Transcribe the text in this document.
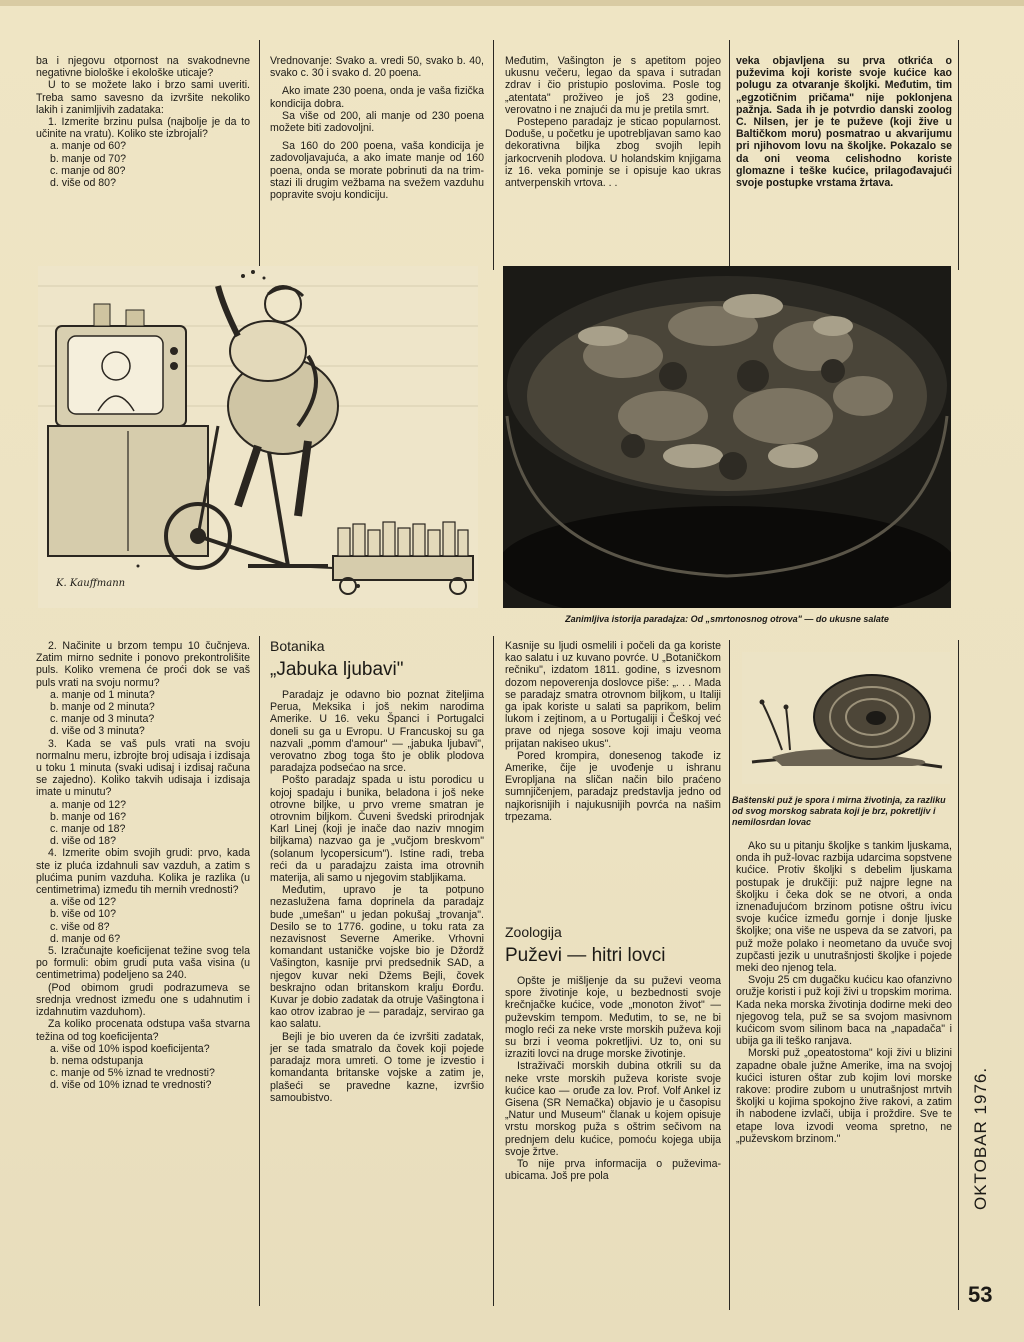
ba i njegovu otpornost na svakodnevne negativne biološke i ekološke uticaje?

U to se možete lako i brzo sami uveriti. Treba samo savesno da izvršite nekoliko lakih i zanimljivih zadataka:

1. Izmerite brzinu pulsa (najbolje je da to učinite na vratu). Koliko ste izbrojali?

a. manje od 60?
b. manje od 70?
c. manje od 80?
d. više od 80?

Vrednovanje: Svako a. vredi 50, svako b. 40, svako c. 30 i svako d. 20 poena.

Ako imate 230 poena, onda je vaša fizička kondicija dobra.

Sa više od 200, ali manje od 230 poena možete biti zadovoljni.

Sa 160 do 200 poena, vaša kondicija je zadovoljavajuća, a ako imate manje od 160 poena, onda se morate pobrinuti da na trim-stazi ili drugim vežbama na svežem vazduhu popravite svoju kondiciju.

Međutim, Vašington je s apetitom pojeo ukusnu večeru, legao da spava i sutradan zdrav i čio pristupio poslovima. Posle tog „atentata" proživeo je još 23 godine, verovatno i ne znajući da mu je pretila smrt.

Postepeno paradajz je sticao popularnost. Doduše, u početku je upotrebljavan samo kao dekorativna biljka zbog svojih lepih jarkocrvenih plodova. U holandskim knjigama iz 16. veka pominje se i opisuje kao ukras antverpenskih vrtova. . .

veka objavljena su prva otkrića o puževima koji koriste svoje kućice kao polugu za otvaranje školjki. Međutim, tim „egzotičnim pričama" nije poklonjena pažnja. Sada ih je potvrdio danski zoolog C. Nilsen, jer je te puževe (koji žive u Baltičkom moru) posmatrao u akvarijumu pri njihovom lovu na školjke. Pokazalo se da oni veoma celishodno koriste glomazne i teške kućice, prilagođavajući svoje postupke vrstama žrtava.

K. Kauffmann
Zanimljiva istorija paradajza: Od „smrtonosnog otrova" — do ukusne salate

2. Načinite u brzom tempu 10 čučnjeva. Zatim mirno sednite i ponovo prekontrolišite puls. Koliko vremena će proći dok se vaš puls vrati na svoju normu?

a. manje od 1 minuta?
b. manje od 2 minuta?
c. manje od 3 minuta?
d. više od 3 minuta?

3. Kada se vaš puls vrati na svoju normalnu meru, izbrojte broj udisaja i izdisaja u toku 1 minuta (svaki udisaj i izdisaj računa se zajedno). Koliko takvih udisaja i izdisaja imate u minutu?

a. manje od 12?
b. manje od 16?
c. manje od 18?
d. više od 18?

4. Izmerite obim svojih grudi: prvo, kada ste iz pluća izdahnuli sav vazduh, a zatim s plućima punim vazduha. Kolika je razlika (u centimetrima) između tih mernih vrednosti?

a. više od 12?
b. više od 10?
c. više od 8?
d. manje od 6?

5. Izračunajte koeficijenat težine svog tela po formuli: obim grudi puta vaša visina (u centimetrima) podeljeno sa 240.

(Pod obimom grudi podrazumeva se srednja vrednost između one s udahnutim i izdahnutim vazduhom).

Za koliko procenata odstupa vaša stvarna težina od tog koeficijenta?

a. više od 10% ispod koeficijenta?
b. nema odstupanja
c. manje od 5% iznad te vrednosti?
d. više od 10% iznad te vrednosti?
Botanika
„Jabuka ljubavi"

Paradajz je odavno bio poznat žiteljima Perua, Meksika i još nekim narodima Amerike. U 16. veku Španci i Portugalci doneli su ga u Evropu. U Francuskoj su ga nazvali „pomm d'amour" — „jabuka ljubavi", verovatno zbog toga što je oblik plodova paradajza podsećao na srce.

Pošto paradajz spada u istu porodicu u kojoj spadaju i bunika, beladona i još neke otrovne biljke, u prvo vreme smatran je otrovnim biljkom. Čuveni švedski prirodnjak Karl Linej (koji je inače dao naziv mnogim biljkama) nazvao ga je „vučjom breskvom" (solanum lycopersicum"). Istine radi, treba reći da u paradajzu zaista ima otrovnih materija, ali samo u njegovim stabljikama.

Međutim, upravo je ta potpuno nezaslužena fama doprinela da paradajz bude „umešan" u jedan pokušaj „trovanja". Desilo se to 1776. godine, u toku rata za nezavisnost Severne Amerike. Vrhovni komandant ustaničke vojske bio je Džordž Vašington, kasnije prvi predsednik SAD, a njegov kuvar neki Džems Bejli, čovek beskrajno odan britanskom kralju Đorđu. Kuvar je dobio zadatak da otruje Vašingtona i kao otrov izabrao je — paradajz, servirao ga kao salatu.

Bejli je bio uveren da će izvršiti zadatak, jer se tada smatralo da čovek koji pojede paradajz mora umreti. O tome je izvestio i komandanta britanske vojske a zatim je, plašeći se pravedne kazne, izvršio samoubistvo.

Kasnije su ljudi osmelili i počeli da ga koriste kao salatu i uz kuvano povrće. U „Botaničkom rečniku", izdatom 1811. godine, s izvesnom dozom nepoverenja doslovce piše: „. . . Mada se paradajz smatra otrovnom biljkom, u Italiji ga ipak koriste u salati sa paprikom, belim lukom i zejtinom, a u Portugaliji i Češkoj već prave od njega sosove koji imaju veoma prijatan nakiseo ukus".

Pored krompira, donesenog takođe iz Amerike, čije je uvođenje u ishranu Evropljana na sličan način bilo praćeno sumnjičenjem, paradajz predstavlja jedno od najkorisnijih i najukusnijih povrća na našim trpezama.

Zoologija
Puževi — hitri lovci

Opšte je mišljenje da su puževi veoma spore životinje koje, u bezbednosti svoje krečnjačke kućice, vode „monoton život" — puževskim tempom. Međutim, to se, ne bi moglo reći za neke vrste morskih puževa koji su brzi i veoma pokretljivi. Uz to, oni su izraziti lovci na druge morske životinje.

Istraživači morskih dubina otkrili su da neke vrste morskih puževa koriste svoje kućice kao — oruđe za lov. Prof. Volf Ankel iz Gisena (SR Nemačka) objavio je u časopisu „Natur und Museum" članak u kojem opisuje vrstu morskog puža s oštrim sečivom na prednjem delu kućice, pomoću kojega ubija svoje žrtve.

To nije prva informacija o puževima-ubicama. Još pre pola

Baštenski puž je spora i mirna životinja, za razliku od svog morskog sabrata koji je brz, pokretljiv i nemilosrdan lovac

Ako su u pitanju školjke s tankim ljuskama, onda ih puž-lovac razbija udarcima sopstvene kućice. Protiv školjki s debelim ljuskama postupak je drukčiji: puž najpre legne na školjku i čeka dok se ne otvori, a onda iznenađujućom brzinom potisne oštru ivicu svoje kućice između gornje i donje ljuske školjke; ona više ne uspeva da se zatvori, pa puž može polako i neometano da uvuče svoj zupčasti jezik u unutrašnjosti školjke i pojede meki deo njenog tela.

Svoju 25 cm dugačku kućicu kao ofanzivno oružje koristi i puž koji živi u tropskim morima. Kada neka morska životinja dodirne meki deo njegovog tela, puž se sa svojom masivnom kućicom svom silinom baca na „napadača" i ubija ga ili teško ranjava.

Morski puž „opeatostoma" koji živi u blizini zapadne obale južne Amerike, ima na svojoj kućici isturen oštar zub kojim lovi morske rakove: prodire zubom u unutrašnjost mrtvih školjki u kojima spokojno žive rakovi, a zatim ih nabodene izvlači, ubija i proždire. Sve te etape lova izvodi veoma spretno, ne „puževskom brzinom."	OKTOBAR 1976.
53
